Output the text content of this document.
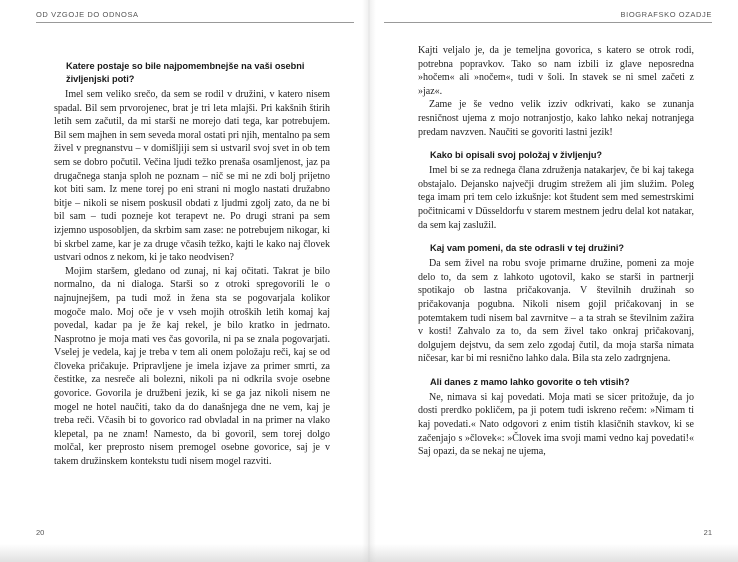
OD VZGOJE DO ODNOSA
Katere postaje so bile najpomembnejše na vaši osebni življenjski poti?

Imel sem veliko srečo, da sem se rodil v družini, v katero nisem spadal. Bil sem prvorojenec, brat je tri leta mlajši. Pri kakšnih štirih letih sem začutil, da mi starši ne morejo dati tega, kar potrebujem. Bil sem majhen in sem seveda moral ostati pri njih, mentalno pa sem živel v pregnanstvu – v domišljiji sem si ustvaril svoj svet in ob tem sem se dobro počutil. Večina ljudi težko prenaša osamljenost, jaz pa drugačnega stanja sploh ne poznam – nič se mi ne zdi bolj prijetno kot biti sam. Iz mene torej po eni strani ni moglo nastati družabno bitje – nikoli se nisem poskusil obdati z ljudmi zgolj zato, da ne bi bil sam – tudi pozneje kot terapevt ne. Po drugi strani pa sem izjemno usposobljen, da skrbim sam zase: ne potrebujem nikogar, ki bi skrbel zame, kar je za druge včasih težko, kajti le kako naj človek ustvari odnos z nekom, ki je tako neodvisen?

Mojim staršem, gledano od zunaj, ni kaj očitati. Takrat je bilo normalno, da ni dialoga. Starši so z otroki spregovorili le o najnujnejšem, pa tudi mož in žena sta se pogovarjala kolikor mogoče malo. Moj oče je v vseh mojih otroških letih komaj kaj povedal, kadar pa je že kaj rekel, je bilo kratko in jedrnato. Nasprotno je moja mati ves čas govorila, ni pa se znala pogovarjati. Vselej je vedela, kaj je treba v tem ali onem položaju reči, kaj se od človeka pričakuje. Pripravljene je imela izjave za primer smrti, za čestitke, za nesreče ali bolezni, nikoli pa ni odkrila svoje osebne govorice. Govorila je družbeni jezik, ki se ga jaz nikoli nisem ne mogel ne hotel naučiti, tako da do današnjega dne ne vem, kaj je treba reči. Včasih bi to govorico rad obvladal in na primer na vlako klepetal, pa ne znam! Namesto, da bi govoril, sem torej dolgo molčal, ker preprosto nisem premogel osebne govorice, saj je v takem družinskem kontekstu tudi nisem mogel razviti.

20
BIOGRAFSKO OZADJE

Kajti veljalo je, da je temeljna govorica, s katero se otrok rodi, potrebna popravkov. Tako so nam izbili iz glave neposredna »hočem« ali »nočem«, tudi v šoli. In stavek se ni smel začeti z »jaz«.

Zame je še vedno velik izziv odkrivati, kako se zunanja resničnost ujema z mojo notranjostjo, kako lahko nekaj notranjega predam navzven. Naučiti se govoriti lastni jezik!

Kako bi opisali svoj položaj v življenju?

Imel bi se za rednega člana združenja natakarjev, če bi kaj takega obstajalo. Dejansko največji drugim strežem ali jim služim. Poleg tega imam pri tem celo izkušnje: kot študent sem med semestrskimi počitnicami v Düsseldorfu v starem mestnem jedru delal kot natakar, da sem kaj zaslužil.

Kaj vam pomeni, da ste odrasli v tej družini?

Da sem živel na robu svoje primarne družine, pomeni za moje delo to, da sem z lahkoto ugotovil, kako se starši in partnerji spotikajo ob lastna pričakovanja. V številnih družinah so pričakovanja pogubna. Nikoli nisem gojil pričakovanj in se potemtakem tudi nisem bal zavrnitve – a ta strah se številnim zažira v kosti! Zahvalo za to, da sem živel tako onkraj pričakovanj, dolgujem dejstvu, da sem zelo zgodaj čutil, da moja starša nimata ničesar, kar bi mi resnično lahko dala. Bila sta zelo zadrgnjena.

Ali danes z mamo lahko govorite o teh vtisih?

Ne, nimava si kaj povedati. Moja mati se sicer pritožuje, da jo dosti prerdko pokličem, pa ji potem tudi iskreno rečem: »Nimam ti kaj povedati.« Nato odgovori z enim tistih klasičnih stavkov, ki se začenjajo s »človek«: »Človek ima svoji mami vedno kaj povedati!« Saj opazi, da se nekaj ne ujema,

21
